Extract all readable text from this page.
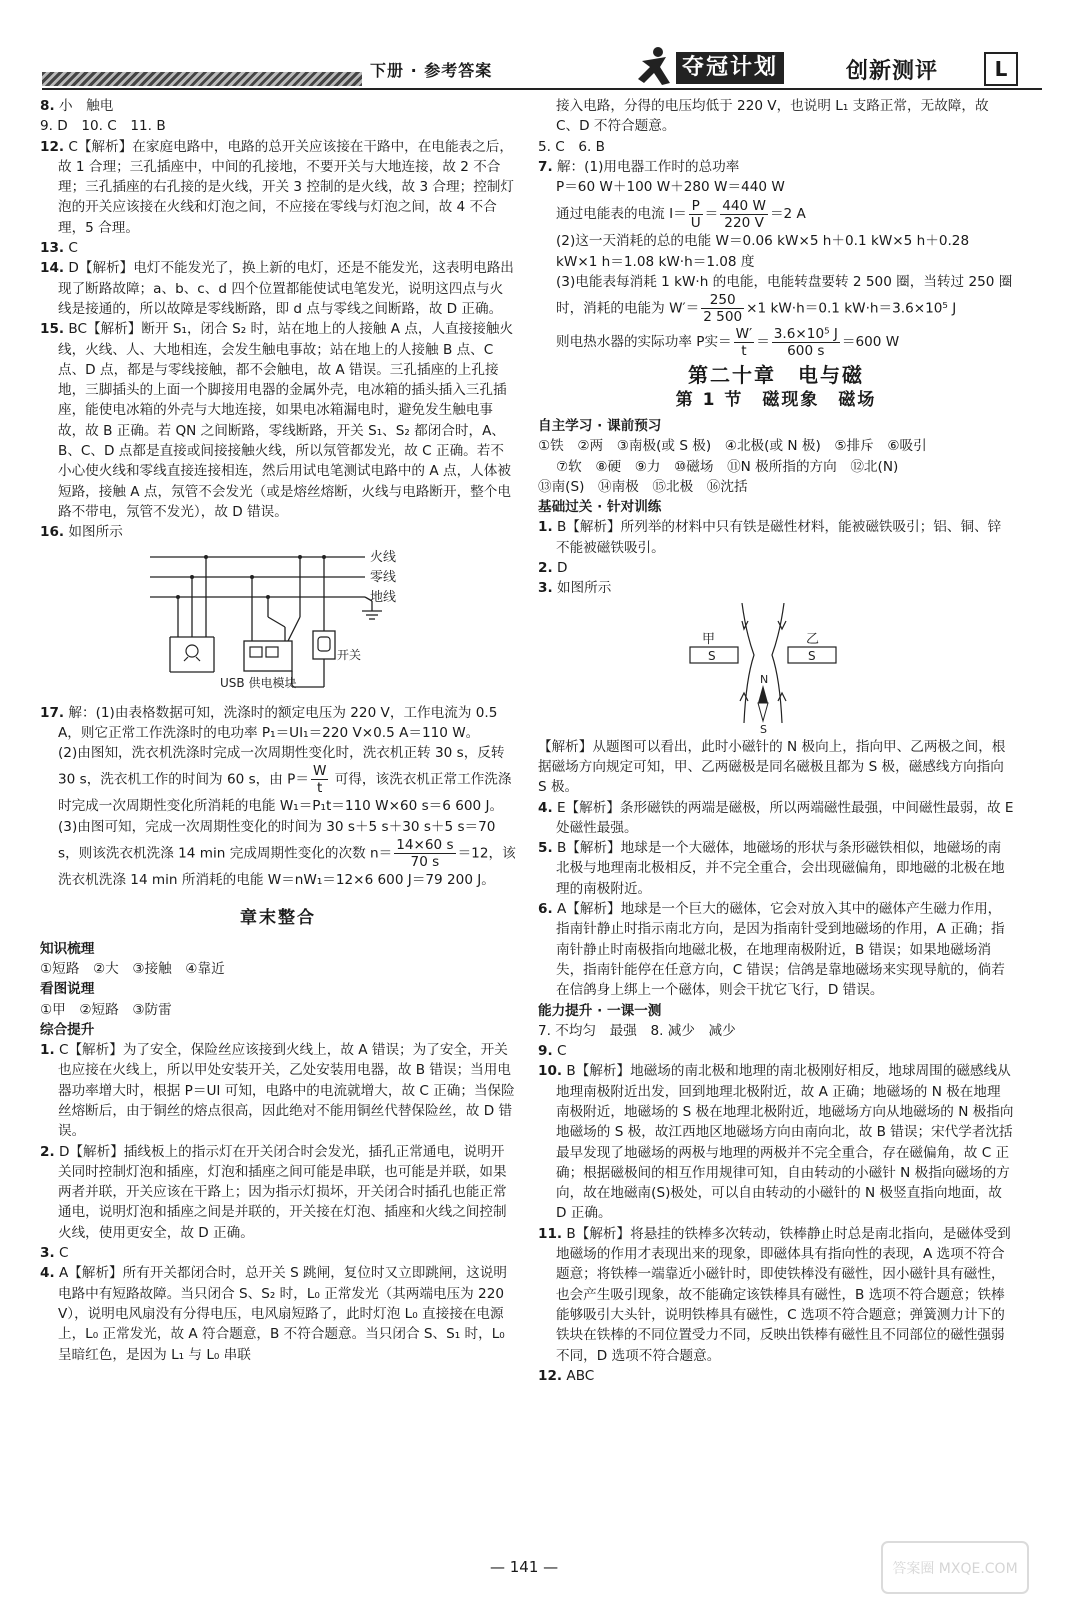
下册 · 参考答案	夺冠计划	创新测评	L

8. 小　触电

9. D　10. C　11. B

12. C【解析】在家庭电路中，电路的总开关应该接在干路中，在电能表之后，故 1 合理；三孔插座中，中间的孔接地，不要开关与大地连接，故 2 不合理；三孔插座的右孔接的是火线，开关 3 控制的是火线，故 3 合理；控制灯泡的开关应该接在火线和灯泡之间，不应接在零线与灯泡之间，故 4 不合理，5 合理。

13. C

14. D【解析】电灯不能发光了，换上新的电灯，还是不能发光，这表明电路出现了断路故障；a、b、c、d 四个位置都能使试电笔发光，说明这四点与火线是接通的，所以故障是零线断路，即 d 点与零线之间断路，故 D 正确。

15. BC【解析】断开 S₁，闭合 S₂ 时，站在地上的人接触 A 点，人直接接触火线，火线、人、大地相连，会发生触电事故；站在地上的人接触 B 点、C 点、D 点，都是与零线接触，都不会触电，故 A 错误。三孔插座的上孔接地，三脚插头的上面一个脚接用电器的金属外壳，电冰箱的插头插入三孔插座，能使电冰箱的外壳与大地连接，如果电冰箱漏电时，避免发生触电事故，故 B 正确。若 QN 之间断路，零线断路，开关 S₁、S₂ 都闭合时，A、B、C、D 点都是直接或间接接触火线，所以氖管都发光，故 C 正确。若不小心使火线和零线直接连接相连，然后用试电笔测试电路中的 A 点，人体被短路，接触 A 点，氖管不会发光（或是熔丝熔断，火线与电路断开，整个电路不带电，氖管不发光），故 D 错误。

16. 如图所示

火线
零线
地线
USB 供电模块
开关

17. 解：(1)由表格数据可知，洗涤时的额定电压为 220 V，工作电流为 0.5 A，则它正常工作洗涤时的电功率 P₁＝UI₁＝220 V×0.5 A＝110 W。

(2)由图知，洗衣机洗涤时完成一次周期性变化时，洗衣机正转 30 s，反转 30 s，洗衣机工作的时间为 60 s，由 $P= \frac{W}{t}$ 可得，该洗衣机正常工作洗涤时完成一次周期性变化所消耗的电能 W₁＝P₁t＝110 W×60 s＝6 600 J。

(3)由图可知，完成一次周期性变化的时间为 30 s＋5 s＋30 s＋5 s＝70 s，则该洗衣机洗涤 14 min 完成周期性变化的次数 $n= \frac{14\times 60 s}{70 s} =12$，该洗衣机洗涤 14 min 所消耗的电能 W＝nW₁＝12×6 600 J＝79 200 J。

章末整合

知识梳理

①短路　②大　③接触　④靠近

看图说理

①甲　②短路　③防雷

综合提升

1. C【解析】为了安全，保险丝应该接到火线上，故 A 错误；为了安全，开关也应接在火线上，所以甲处安装开关，乙处安装用电器，故 B 错误；当用电器功率增大时，根据 P＝UI 可知，电路中的电流就增大，故 C 正确；当保险丝熔断后，由于铜丝的熔点很高，因此绝对不能用铜丝代替保险丝，故 D 错误。

2. D【解析】插线板上的指示灯在开关闭合时会发光，插孔正常通电，说明开关同时控制灯泡和插座，灯泡和插座之间可能是串联，也可能是并联，如果两者并联，开关应该在干路上；因为指示灯损坏，开关闭合时插孔也能正常通电，说明灯泡和插座之间是并联的，开关接在灯泡、插座和火线之间控制火线，使用更安全，故 D 正确。

3. C

4. A【解析】所有开关都闭合时，总开关 S 跳闸，复位时又立即跳闸，这说明电路中有短路故障。当只闭合 S、S₂ 时，L₀ 正常发光（其两端电压为 220 V），说明电风扇没有分得电压，电风扇短路了，此时灯泡 L₀ 直接接在电源上，L₀ 正常发光，故 A 符合题意，B 不符合题意。当只闭合 S、S₁ 时，L₀ 呈暗红色，是因为 L₁ 与 L₀ 串联

接入电路，分得的电压均低于 220 V，也说明 L₁ 支路正常，无故障，故 C、D 不符合题意。

5. C　6. B

7. 解：(1)用电器工作时的总功率

P＝60 W＋100 W＋280 W＝440 W

通过电能表的电流 $I= \frac{P}{U} = \frac{440 W}{220 V} =2$ A

(2)这一天消耗的总的电能 W＝0.06 kW×5 h＋0.1 kW×5 h＋0.28 kW×1 h＝1.08 kW·h＝1.08 度

(3)电能表每消耗 1 kW·h 的电能，电能转盘要转 2 500 圈，当转过 250 圈时，消耗的电能为 $W'= \frac{250}{2 500} \times 1$ kW·h＝0.1 kW·h＝3.6×10⁵ J

则电热水器的实际功率 P实＝ $\frac{W'}{t} = \frac{\text{3.6×10⁵ J}}{600 s} =600$ W

第二十章　电与磁
第 1 节　磁现象　磁场

自主学习 · 课前预习

①铁　②两　③南极(或 S 极)　④北极(或 N 极)　⑤排斥　⑥吸引

⑦软　⑧硬　⑨力　⑩磁场　⑪N 极所指的方向　⑫北(N)

⑬南(S)　⑭南极　⑮北极　⑯沈括

基础过关 · 针对训练

1. B【解析】所列举的材料中只有铁是磁性材料，能被磁铁吸引；铝、铜、锌不能被磁铁吸引。

2. D

3. 如图所示

甲	乙
S	S
N
S

【解析】从题图可以看出，此时小磁针的 N 极向上，指向甲、乙两极之间，根据磁场方向规定可知，甲、乙两磁极是同名磁极且都为 S 极，磁感线方向指向 S 极。

4. E【解析】条形磁铁的两端是磁极，所以两端磁性最强，中间磁性最弱，故 E 处磁性最强。

5. B【解析】地球是一个大磁体，地磁场的形状与条形磁铁相似，地磁场的南北极与地理南北极相反，并不完全重合，会出现磁偏角，即地磁的北极在地理的南极附近。

6. A【解析】地球是一个巨大的磁体，它会对放入其中的磁体产生磁力作用，指南针静止时指示南北方向，是因为指南针受到地磁场的作用，A 正确；指南针静止时南极指向地磁北极，在地理南极附近，B 错误；如果地磁场消失，指南针能停在任意方向，C 错误；信鸽是靠地磁场来实现导航的，倘若在信鸽身上绑上一个磁体，则会干扰它飞行，D 错误。

能力提升 · 一课一测

7. 不均匀　最强　8. 减少　减少

9. C

10. B【解析】地磁场的南北极和地理的南北极刚好相反，地球周围的磁感线从地理南极附近出发，回到地理北极附近，故 A 正确；地磁场的 N 极在地理南极附近，地磁场的 S 极在地理北极附近，地磁场方向从地磁场的 N 极指向地磁场的 S 极，故江西地区地磁场方向由南向北，故 B 错误；宋代学者沈括最早发现了地磁场的两极与地理的两极并不完全重合，存在磁偏角，故 C 正确；根据磁极间的相互作用规律可知，自由转动的小磁针 N 极指向磁场的方向，故在地磁南(S)极处，可以自由转动的小磁针的 N 极竖直指向地面，故 D 正确。

11. B【解析】将悬挂的铁棒多次转动，铁棒静止时总是南北指向，是磁体受到地磁场的作用才表现出来的现象，即磁体具有指向性的表现，A 选项不符合题意；将铁棒一端靠近小磁针时，即使铁棒没有磁性，因小磁针具有磁性，也会产生吸引现象，故不能确定该铁棒具有磁性，B 选项不符合题意；铁棒能够吸引大头针，说明铁棒具有磁性，C 选项不符合题意；弹簧测力计下的铁块在铁棒的不同位置受力不同，反映出铁棒有磁性且不同部位的磁性强弱不同，D 选项不符合题意。

12. ABC

— 141 —	答案圈 MXQE.COM
